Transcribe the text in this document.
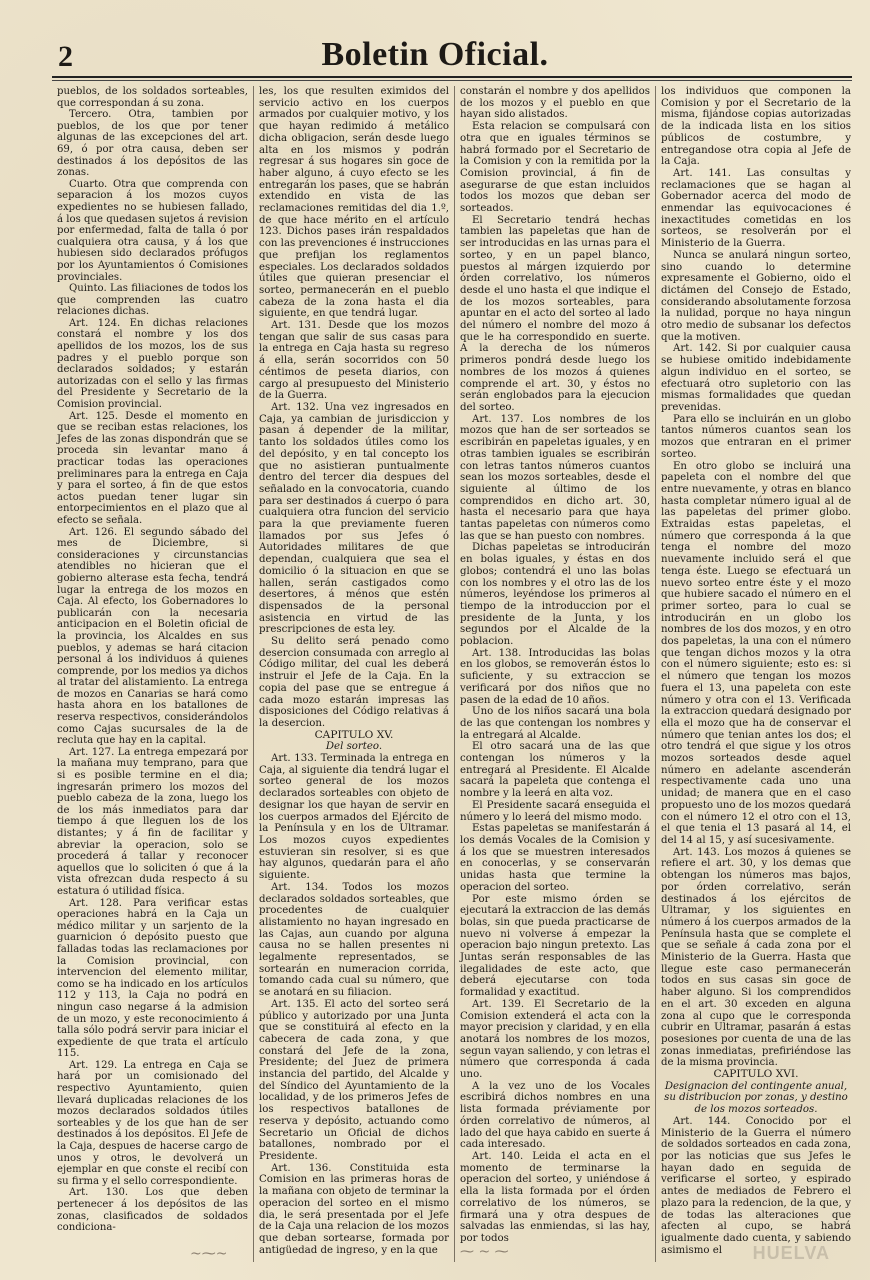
2	Boletin Oficial.

pueblos, de los soldados sorteables, que correspondan á su zona.

Tercero. Otra, tambien por pueblos, de los que por tener algunas de las excepciones del art. 69, ó por otra causa, deben ser destinados á los depósitos de las zonas.

Cuarto. Otra que comprenda con separacion á los mozos cuyos expedientes no se hubiesen fallado, á los que quedasen sujetos á revision por enfermedad, falta de talla ó por cualquiera otra causa, y á los que hubiesen sido declarados prófugos por los Ayuntamientos ó Comisiones provinciales.

Quinto. Las filiaciones de todos los que comprenden las cuatro relaciones dichas.

Art. 124. En dichas relaciones constará el nombre y los dos apellidos de los mozos, los de sus padres y el pueblo porque son declarados soldados; y estarán autorizadas con el sello y las firmas del Presidente y Secretario de la Comision provincial.

Art. 125. Desde el momento en que se reciban estas relaciones, los Jefes de las zonas dispondrán que se proceda sin levantar mano á practicar todas las operaciones preliminares para la entrega en Caja y para el sorteo, á fin de que estos actos puedan tener lugar sin entorpecimientos en el plazo que al efecto se señala.

Art. 126. El segundo sábado del mes de Diciembre, si consideraciones y circunstancias atendibles no hicieran que el gobierno alterase esta fecha, tendrá lugar la entrega de los mozos en Caja. Al efecto, los Gobernadores lo publicarán con la necesaria anticipacion en el Boletin oficial de la provincia, los Alcaldes en sus pueblos, y ademas se hará citacion personal á los individuos á quienes comprende, por los medios ya dichos al tratar del alistamiento. La entrega de mozos en Canarias se hará como hasta ahora en los batallones de reserva respectivos, considerándolos como Cajas sucursales de la de recluta que hay en la capital.

Art. 127. La entrega empezará por la mañana muy temprano, para que si es posible termine en el dia; ingresarán primero los mozos del pueblo cabeza de la zona, luego los de los más inmediatos para dar tiempo á que lleguen los de los distantes; y á fin de facilitar y abreviar la operacion, solo se procederá á tallar y reconocer aquellos que lo soliciten ó que á la vista ofrezcan duda respecto á su estatura ó utilidad física.

Art. 128. Para verificar estas operaciones habrá en la Caja un médico militar y un sarjento de la guarnicion ó depósito puesto que falladas todas las reclamaciones por la Comision provincial, con intervencion del elemento militar, como se ha indicado en los artículos 112 y 113, la Caja no podrá en ningun caso negarse á la admision de un mozo, y este reconocimiento á talla sólo podrá servir para iniciar el expediente de que trata el artículo 115.

Art. 129. La entrega en Caja se hará por un comisionado del respectivo Ayuntamiento, quien llevará duplicadas relaciones de los mozos declarados soldados útiles sorteables y de los que han de ser destinados á los depósitos. El Jefe de la Caja, despues de hacerse cargo de unos y otros, le devolverá un ejemplar en que conste el recibí con su firma y el sello correspondiente.

Art. 130. Los que deben pertenecer á los depósitos de las zonas, clasificados de soldados condiciona-

les, los que resulten eximidos del servicio activo en los cuerpos armados por cualquier motivo, y los que hayan redimido á metálico dicha obligacion, serán desde luego alta en los mismos y podrán regresar á sus hogares sin goce de haber alguno, á cuyo efecto se les entregarán los pases, que se habrán extendido en vista de las reclamaciones remitidas del dia 1.º, de que hace mérito en el artículo 123. Dichos pases irán respaldados con las prevenciones é instrucciones que prefijan los reglamentos especiales. Los declarados soldados útiles que quieran presenciar el sorteo, permanecerán en el pueblo cabeza de la zona hasta el dia siguiente, en que tendrá lugar.

Art. 131. Desde que los mozos tengan que salir de sus casas para la entrega en Caja hasta su regreso á ella, serán socorridos con 50 céntimos de peseta diarios, con cargo al presupuesto del Ministerio de la Guerra.

Art. 132. Una vez ingresados en Caja, ya cambian de jurisdiccion y pasan á depender de la militar, tanto los soldados útiles como los del depósito, y en tal concepto los que no asistieran puntualmente dentro del tercer dia despues del señalado en la convocatoria, cuando para ser destinados á cuerpo ó para cualquiera otra funcion del servicio para la que previamente fueren llamados por sus Jefes ó Autoridades militares de que dependan, cualquiera que sea el domicilio ó la situacion en que se hallen, serán castigados como desertores, á ménos que estén dispensados de la personal asistencia en virtud de las prescripciones de esta ley.

Su delito será penado como desercion consumada con arreglo al Código militar, del cual les deberá instruir el Jefe de la Caja. En la copia del pase que se entregue á cada mozo estarán impresas las disposiciones del Código relativas á la desercion.

CAPITULO XV.

Del sorteo.

Art. 133. Terminada la entrega en Caja, al siguiente dia tendrá lugar el sorteo general de los mozos declarados sorteables con objeto de designar los que hayan de servir en los cuerpos armados del Ejército de la Península y en los de Ultramar. Los mozos cuyos expedientes estuvieran sin resolver, si es que hay algunos, quedarán para el año siguiente.

Art. 134. Todos los mozos declarados soldados sorteables, que procedentes de cualquier alistamiento no hayan ingresado en las Cajas, aun cuando por alguna causa no se hallen presentes ni legalmente representados, se sortearán en numeracion corrida, tomando cada cual su número, que se anotará en su filiacion.

Art. 135. El acto del sorteo será público y autorizado por una Junta que se constituirá al efecto en la cabecera de cada zona, y que constará del Jefe de la zona, Presidente; del Juez de primera instancia del partido, del Alcalde y del Síndico del Ayuntamiento de la localidad, y de los primeros Jefes de los respectivos batallones de reserva y depósito, actuando como Secretario un Oficial de dichos batallones, nombrado por el Presidente.

Art. 136. Constituida esta Comision en las primeras horas de la mañana con objeto de terminar la operacion del sorteo en el mismo dia, le será presentada por el Jefe de la Caja una relacion de los mozos que deban sortearse, formada por antigüedad de ingreso, y en la que

constarán el nombre y dos apellidos de los mozos y el pueblo en que hayan sido alistados.

Esta relacion se compulsará con otra que en iguales términos se habrá formado por el Secretario de la Comision y con la remitida por la Comision provincial, á fin de asegurarse de que estan incluidos todos los mozos que deban ser sorteados.

El Secretario tendrá hechas tambien las papeletas que han de ser introducidas en las urnas para el sorteo, y en un papel blanco, puestos al márgen izquierdo por órden correlativo, los números desde el uno hasta el que indique el de los mozos sorteables, para apuntar en el acto del sorteo al lado del número el nombre del mozo á que le ha correspondido en suerte. A la derecha de los números primeros pondrá desde luego los nombres de los mozos á quienes comprende el art. 30, y éstos no serán englobados para la ejecucion del sorteo.

Art. 137. Los nombres de los mozos que han de ser sorteados se escribirán en papeletas iguales, y en otras tambien iguales se escribirán con letras tantos números cuantos sean los mozos sorteables, desde el siguiente al último de los comprendidos en dicho art. 30, hasta el necesario para que haya tantas papeletas con números como las que se han puesto con nombres.

Dichas papeletas se introducirán en bolas iguales, y éstas en dos globos; contendrá el uno las bolas con los nombres y el otro las de los números, leyéndose los primeros al tiempo de la introduccion por el presidente de la Junta, y los segundos por el Alcalde de la poblacion.

Art. 138. Introducidas las bolas en los globos, se removerán éstos lo suficiente, y su extraccion se verificará por dos niños que no pasen de la edad de 10 años.

Uno de los niños sacará una bola de las que contengan los nombres y la entregará al Alcalde.

El otro sacará una de las que contengan los números y la entregará al Presidente. El Alcalde sacará la papeleta que contenga el nombre y la leerá en alta voz.

El Presidente sacará enseguida el número y lo leerá del mismo modo.

Estas papeletas se manifestarán á los demás Vocales de la Comision y á los que se muestren interesados en conocerlas, y se conservarán unidas hasta que termine la operacion del sorteo.

Por este mismo órden se ejecutará la extraccion de las demás bolas, sin que pueda practicarse de nuevo ni volverse á empezar la operacion bajo ningun pretexto. Las Juntas serán responsables de las ilegalidades de este acto, que deberá ejecutarse con toda formalidad y exactitud.

Art. 139. El Secretario de la Comision extenderá el acta con la mayor precision y claridad, y en ella anotará los nombres de los mozos, segun vayan saliendo, y con letras el número que corresponda á cada uno.

A la vez uno de los Vocales escribirá dichos nombres en una lista formada préviamente por órden correlativo de números, al lado del que haya cabido en suerte á cada interesado.

Art. 140. Leida el acta en el momento de terminarse la operacion del sorteo, y uniéndose á ella la lista formada por el órden correlativo de los números, se firmará una y otra despues de salvadas las enmiendas, si las hay, por todos

los individuos que componen la Comision y por el Secretario de la misma, fijándose copias autorizadas de la indicada lista en los sitios públicos de costumbre, y entregandose otra copia al Jefe de la Caja.

Art. 141. Las consultas y reclamaciones que se hagan al Gobernador acerca del modo de enmendar las equivocaciones é inexactitudes cometidas en los sorteos, se resolverán por el Ministerio de la Guerra.

Nunca se anulará ningun sorteo, sino cuando lo determine expresamente el Gobierno, oido el dictámen del Consejo de Estado, considerando absolutamente forzosa la nulidad, porque no haya ningun otro medio de subsanar los defectos que la motiven.

Art. 142. Si por cualquier causa se hubiese omitido indebidamente algun individuo en el sorteo, se efectuará otro supletorio con las mismas formalidades que quedan prevenidas.

Para ello se incluirán en un globo tantos números cuantos sean los mozos que entraran en el primer sorteo.

En otro globo se incluirá una papeleta con el nombre del que entre nuevamente, y otras en blanco hasta completar número igual al de las papeletas del primer globo. Extraidas estas papeletas, el número que corresponda á la que tenga el nombre del mozo nuevamente incluido será el que tenga éste. Luego se efectuará un nuevo sorteo entre éste y el mozo que hubiere sacado el número en el primer sorteo, para lo cual se introducirán en un globo los nombres de los dos mozos, y en otro dos papeletas, la una con el número que tengan dichos mozos y la otra con el número siguiente; esto es: si el número que tengan los mozos fuera el 13, una papeleta con este número y otra con el 13. Verificada la extraccion quedará designado por ella el mozo que ha de conservar el número que tenian antes los dos; el otro tendrá el que sigue y los otros mozos sorteados desde aquel número en adelante ascenderán respectivamente cada uno una unidad; de manera que en el caso propuesto uno de los mozos quedará con el número 12 el otro con el 13, el que tenia el 13 pasará al 14, el del 14 al 15, y así sucesivamente.

Art. 143. Los mozos á quienes se refiere el art. 30, y los demas que obtengan los números mas bajos, por órden correlativo, serán destinados á los ejércitos de Ultramar, y los siguientes en número á los cuerpos armados de la Península hasta que se complete el que se señale á cada zona por el Ministerio de la Guerra. Hasta que llegue este caso permanecerán todos en sus casas sin goce de haber alguno. Si los comprendidos en el art. 30 exceden en alguna zona al cupo que le corresponda cubrir en Ultramar, pasarán á estas posesiones por cuenta de una de las zonas inmediatas, prefiriéndose las de la misma provincia.

CAPITULO XVI.

Designacion del contingente anual, su distribucion por zonas, y destino de los mozos sorteados.

Art. 144. Conocido por el Ministerio de la Guerra el número de soldados sorteados en cada zona, por las noticias que sus Jefes le hayan dado en seguida de verificarse el sorteo, y espirado antes de mediados de Febrero el plazo para la redencion, de la que, y de todas las alteraciones que afecten al cupo, se habrá igualmente dado cuenta, y sabiendo asimismo el

~⁓~	⁓ ~ ⁓	HUELVA
